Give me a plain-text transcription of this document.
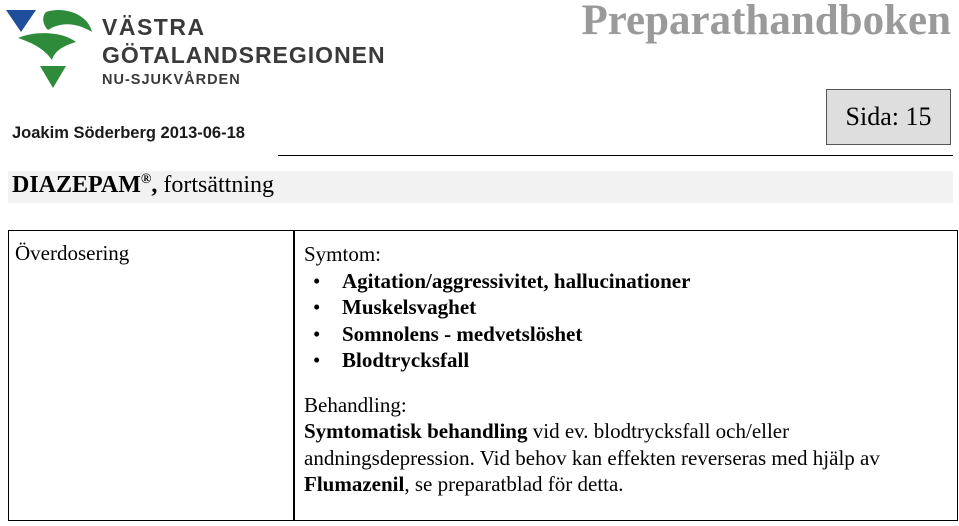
VÄSTRA
GÖTALANDSREGIONEN
NU-SJUKVÅRDEN
Preparathandboken
Joakim Söderberg 2013-06-18
Sida: 15
DIAZEPAM®, fortsättning
Överdosering	Symtom:
• Agitation/aggressivitet, hallucinationer
• Muskelsvaghet
• Somnolens - medvetslöshet
• Blodtrycksfall
Behandling:
Symtomatisk behandling vid ev. blodtrycksfall och/eller andningsdepression. Vid behov kan effekten reverseras med hjälp av Flumazenil, se preparatblad för detta.
